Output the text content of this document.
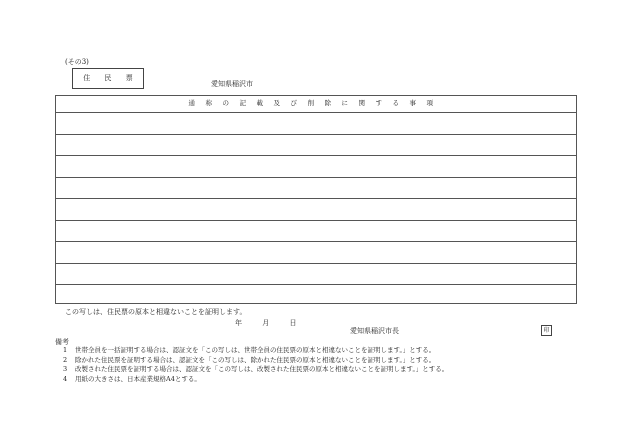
(その3)
住 民 票
愛知県稲沢市
通称の記載及び削除に関する事項
この写しは、住民票の原本と相違ないことを証明します。
年	月	日
愛知県稲沢市長	印
備考
1 世帯全員を一括証明する場合は、認証文を「この写しは、世帯全員の住民票の原本と相違ないことを証明します。」とする。
2 除かれた住民票を証明する場合は、認証文を「この写しは、除かれた住民票の原本と相違ないことを証明します。」とする。
3 改製された住民票を証明する場合は、認証文を「この写しは、改製された住民票の原本と相違ないことを証明します。」とする。
4 用紙の大きさは、日本産業規格A4とする。
